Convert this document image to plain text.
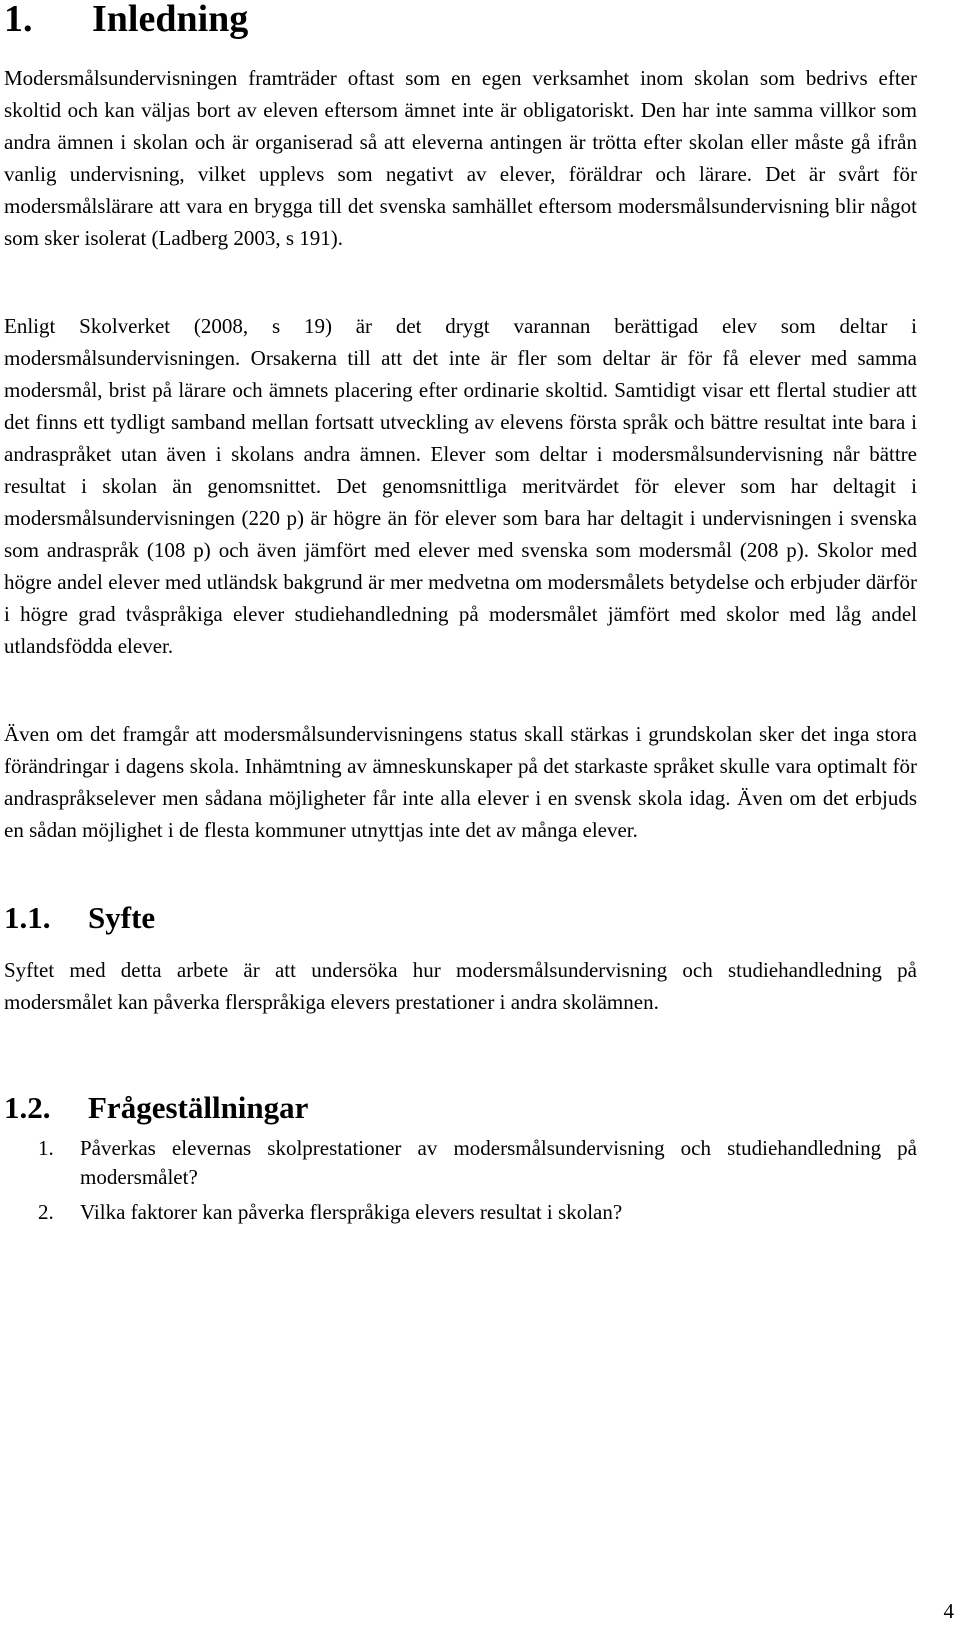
1. Inledning

Modersmålsundervisningen framträder oftast som en egen verksamhet inom skolan som bedrivs efter skoltid och kan väljas bort av eleven eftersom ämnet inte är obligatoriskt. Den har inte samma villkor som andra ämnen i skolan och är organiserad så att eleverna antingen är trötta efter skolan eller måste gå ifrån vanlig undervisning, vilket upplevs som negativt av elever, föräldrar och lärare. Det är svårt för modersmålslärare att vara en brygga till det svenska samhället eftersom modersmålsundervisning blir något som sker isolerat (Ladberg 2003, s 191).

Enligt Skolverket (2008, s 19) är det drygt varannan berättigad elev som deltar i modersmålsundervisningen. Orsakerna till att det inte är fler som deltar är för få elever med samma modersmål, brist på lärare och ämnets placering efter ordinarie skoltid. Samtidigt visar ett flertal studier att det finns ett tydligt samband mellan fortsatt utveckling av elevens första språk och bättre resultat inte bara i andraspråket utan även i skolans andra ämnen. Elever som deltar i modersmålsundervisning når bättre resultat i skolan än genomsnittet. Det genomsnittliga meritvärdet för elever som har deltagit i modersmålsundervisningen (220 p) är högre än för elever som bara har deltagit i undervisningen i svenska som andraspråk (108 p) och även jämfört med elever med svenska som modersmål (208 p). Skolor med högre andel elever med utländsk bakgrund är mer medvetna om modersmålets betydelse och erbjuder därför i högre grad tvåspråkiga elever studiehandledning på modersmålet jämfört med skolor med låg andel utlandsfödda elever.

Även om det framgår att modersmålsundervisningens status skall stärkas i grundskolan sker det inga stora förändringar i dagens skola. Inhämtning av ämneskunskaper på det starkaste språket skulle vara optimalt för andraspråkselever men sådana möjligheter får inte alla elever i en svensk skola idag. Även om det erbjuds en sådan möjlighet i de flesta kommuner utnyttjas inte det av många elever.

1.1. Syfte

Syftet med detta arbete är att undersöka hur modersmålsundervisning och studiehandledning på modersmålet kan påverka flerspråkiga elevers prestationer i andra skolämnen.

1.2. Frågeställningar
1. Påverkas elevernas skolprestationer av modersmålsundervisning och studiehandledning på modersmålet?
2. Vilka faktorer kan påverka flerspråkiga elevers resultat i skolan?
4
